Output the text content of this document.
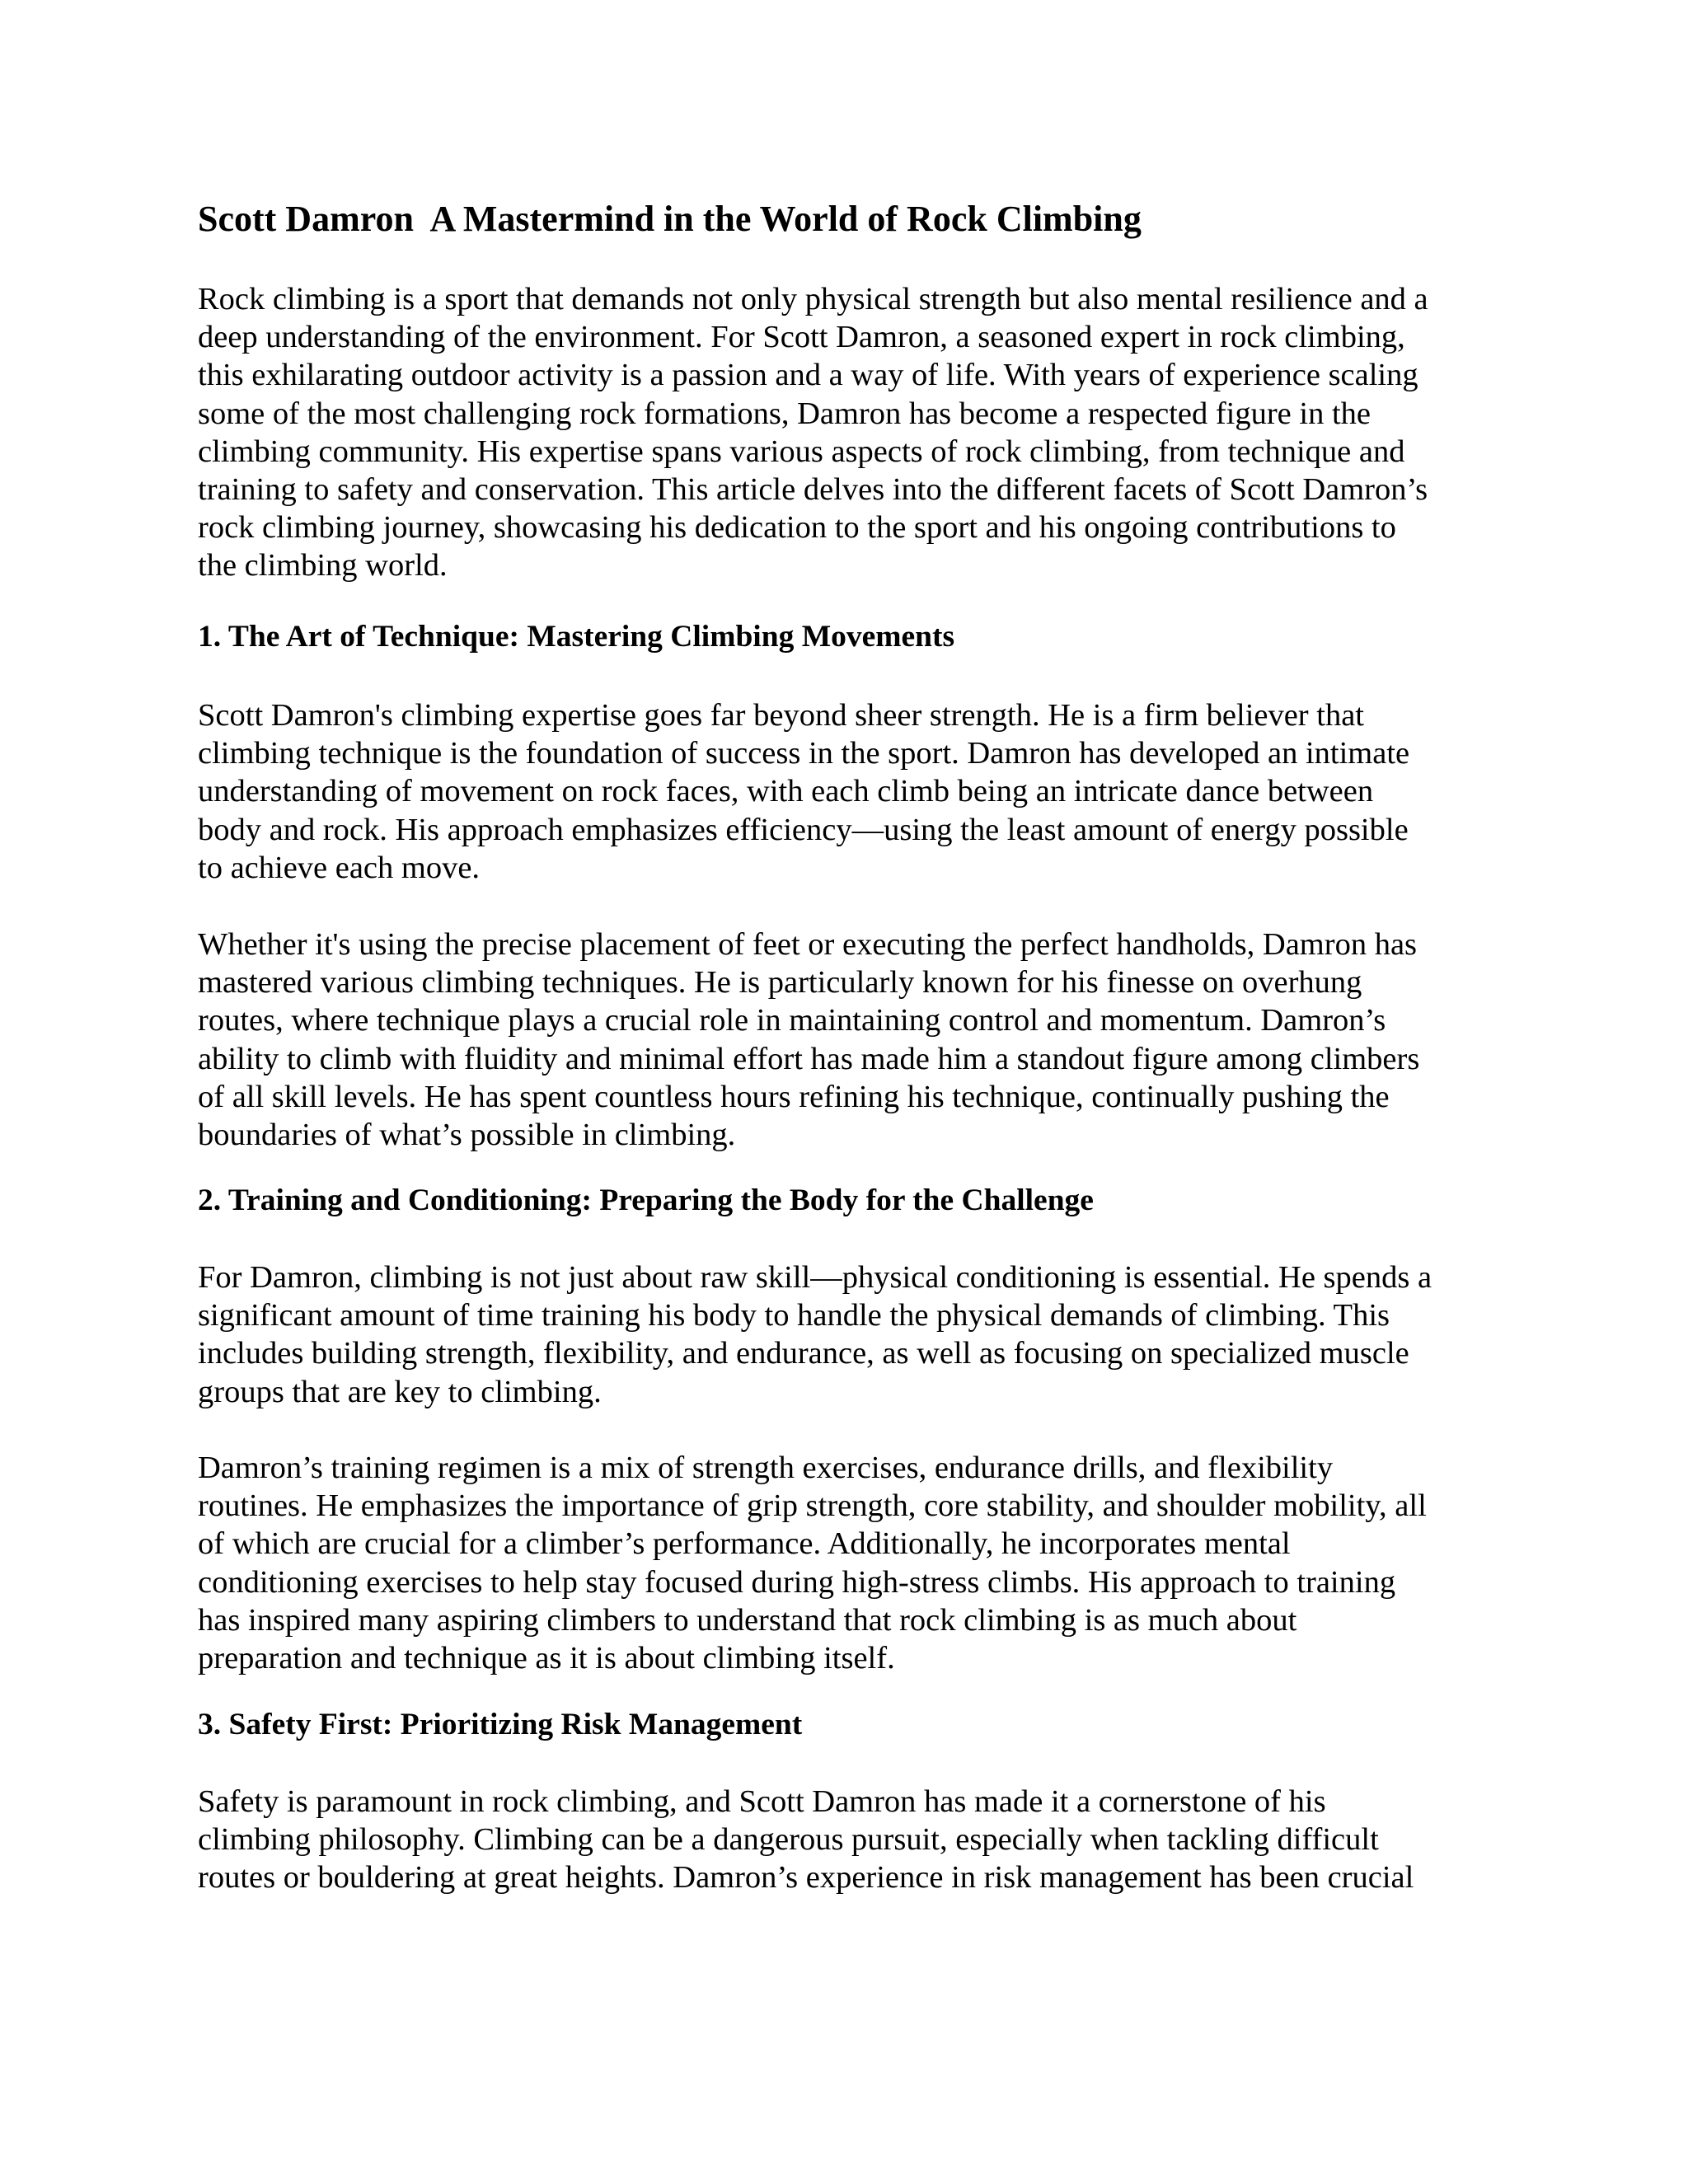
Scott Damron  A Mastermind in the World of Rock Climbing

Rock climbing is a sport that demands not only physical strength but also mental resilience and a
deep understanding of the environment. For Scott Damron, a seasoned expert in rock climbing,
this exhilarating outdoor activity is a passion and a way of life. With years of experience scaling
some of the most challenging rock formations, Damron has become a respected figure in the
climbing community. His expertise spans various aspects of rock climbing, from technique and
training to safety and conservation. This article delves into the different facets of Scott Damron’s
rock climbing journey, showcasing his dedication to the sport and his ongoing contributions to
the climbing world.

1. The Art of Technique: Mastering Climbing Movements

Scott Damron's climbing expertise goes far beyond sheer strength. He is a firm believer that
climbing technique is the foundation of success in the sport. Damron has developed an intimate
understanding of movement on rock faces, with each climb being an intricate dance between
body and rock. His approach emphasizes efficiency—using the least amount of energy possible
to achieve each move.

Whether it's using the precise placement of feet or executing the perfect handholds, Damron has
mastered various climbing techniques. He is particularly known for his finesse on overhung
routes, where technique plays a crucial role in maintaining control and momentum. Damron’s
ability to climb with fluidity and minimal effort has made him a standout figure among climbers
of all skill levels. He has spent countless hours refining his technique, continually pushing the
boundaries of what’s possible in climbing.

2. Training and Conditioning: Preparing the Body for the Challenge

For Damron, climbing is not just about raw skill—physical conditioning is essential. He spends a
significant amount of time training his body to handle the physical demands of climbing. This
includes building strength, flexibility, and endurance, as well as focusing on specialized muscle
groups that are key to climbing.

Damron’s training regimen is a mix of strength exercises, endurance drills, and flexibility
routines. He emphasizes the importance of grip strength, core stability, and shoulder mobility, all
of which are crucial for a climber’s performance. Additionally, he incorporates mental
conditioning exercises to help stay focused during high-stress climbs. His approach to training
has inspired many aspiring climbers to understand that rock climbing is as much about
preparation and technique as it is about climbing itself.

3. Safety First: Prioritizing Risk Management

Safety is paramount in rock climbing, and Scott Damron has made it a cornerstone of his
climbing philosophy. Climbing can be a dangerous pursuit, especially when tackling difficult
routes or bouldering at great heights. Damron’s experience in risk management has been crucial
